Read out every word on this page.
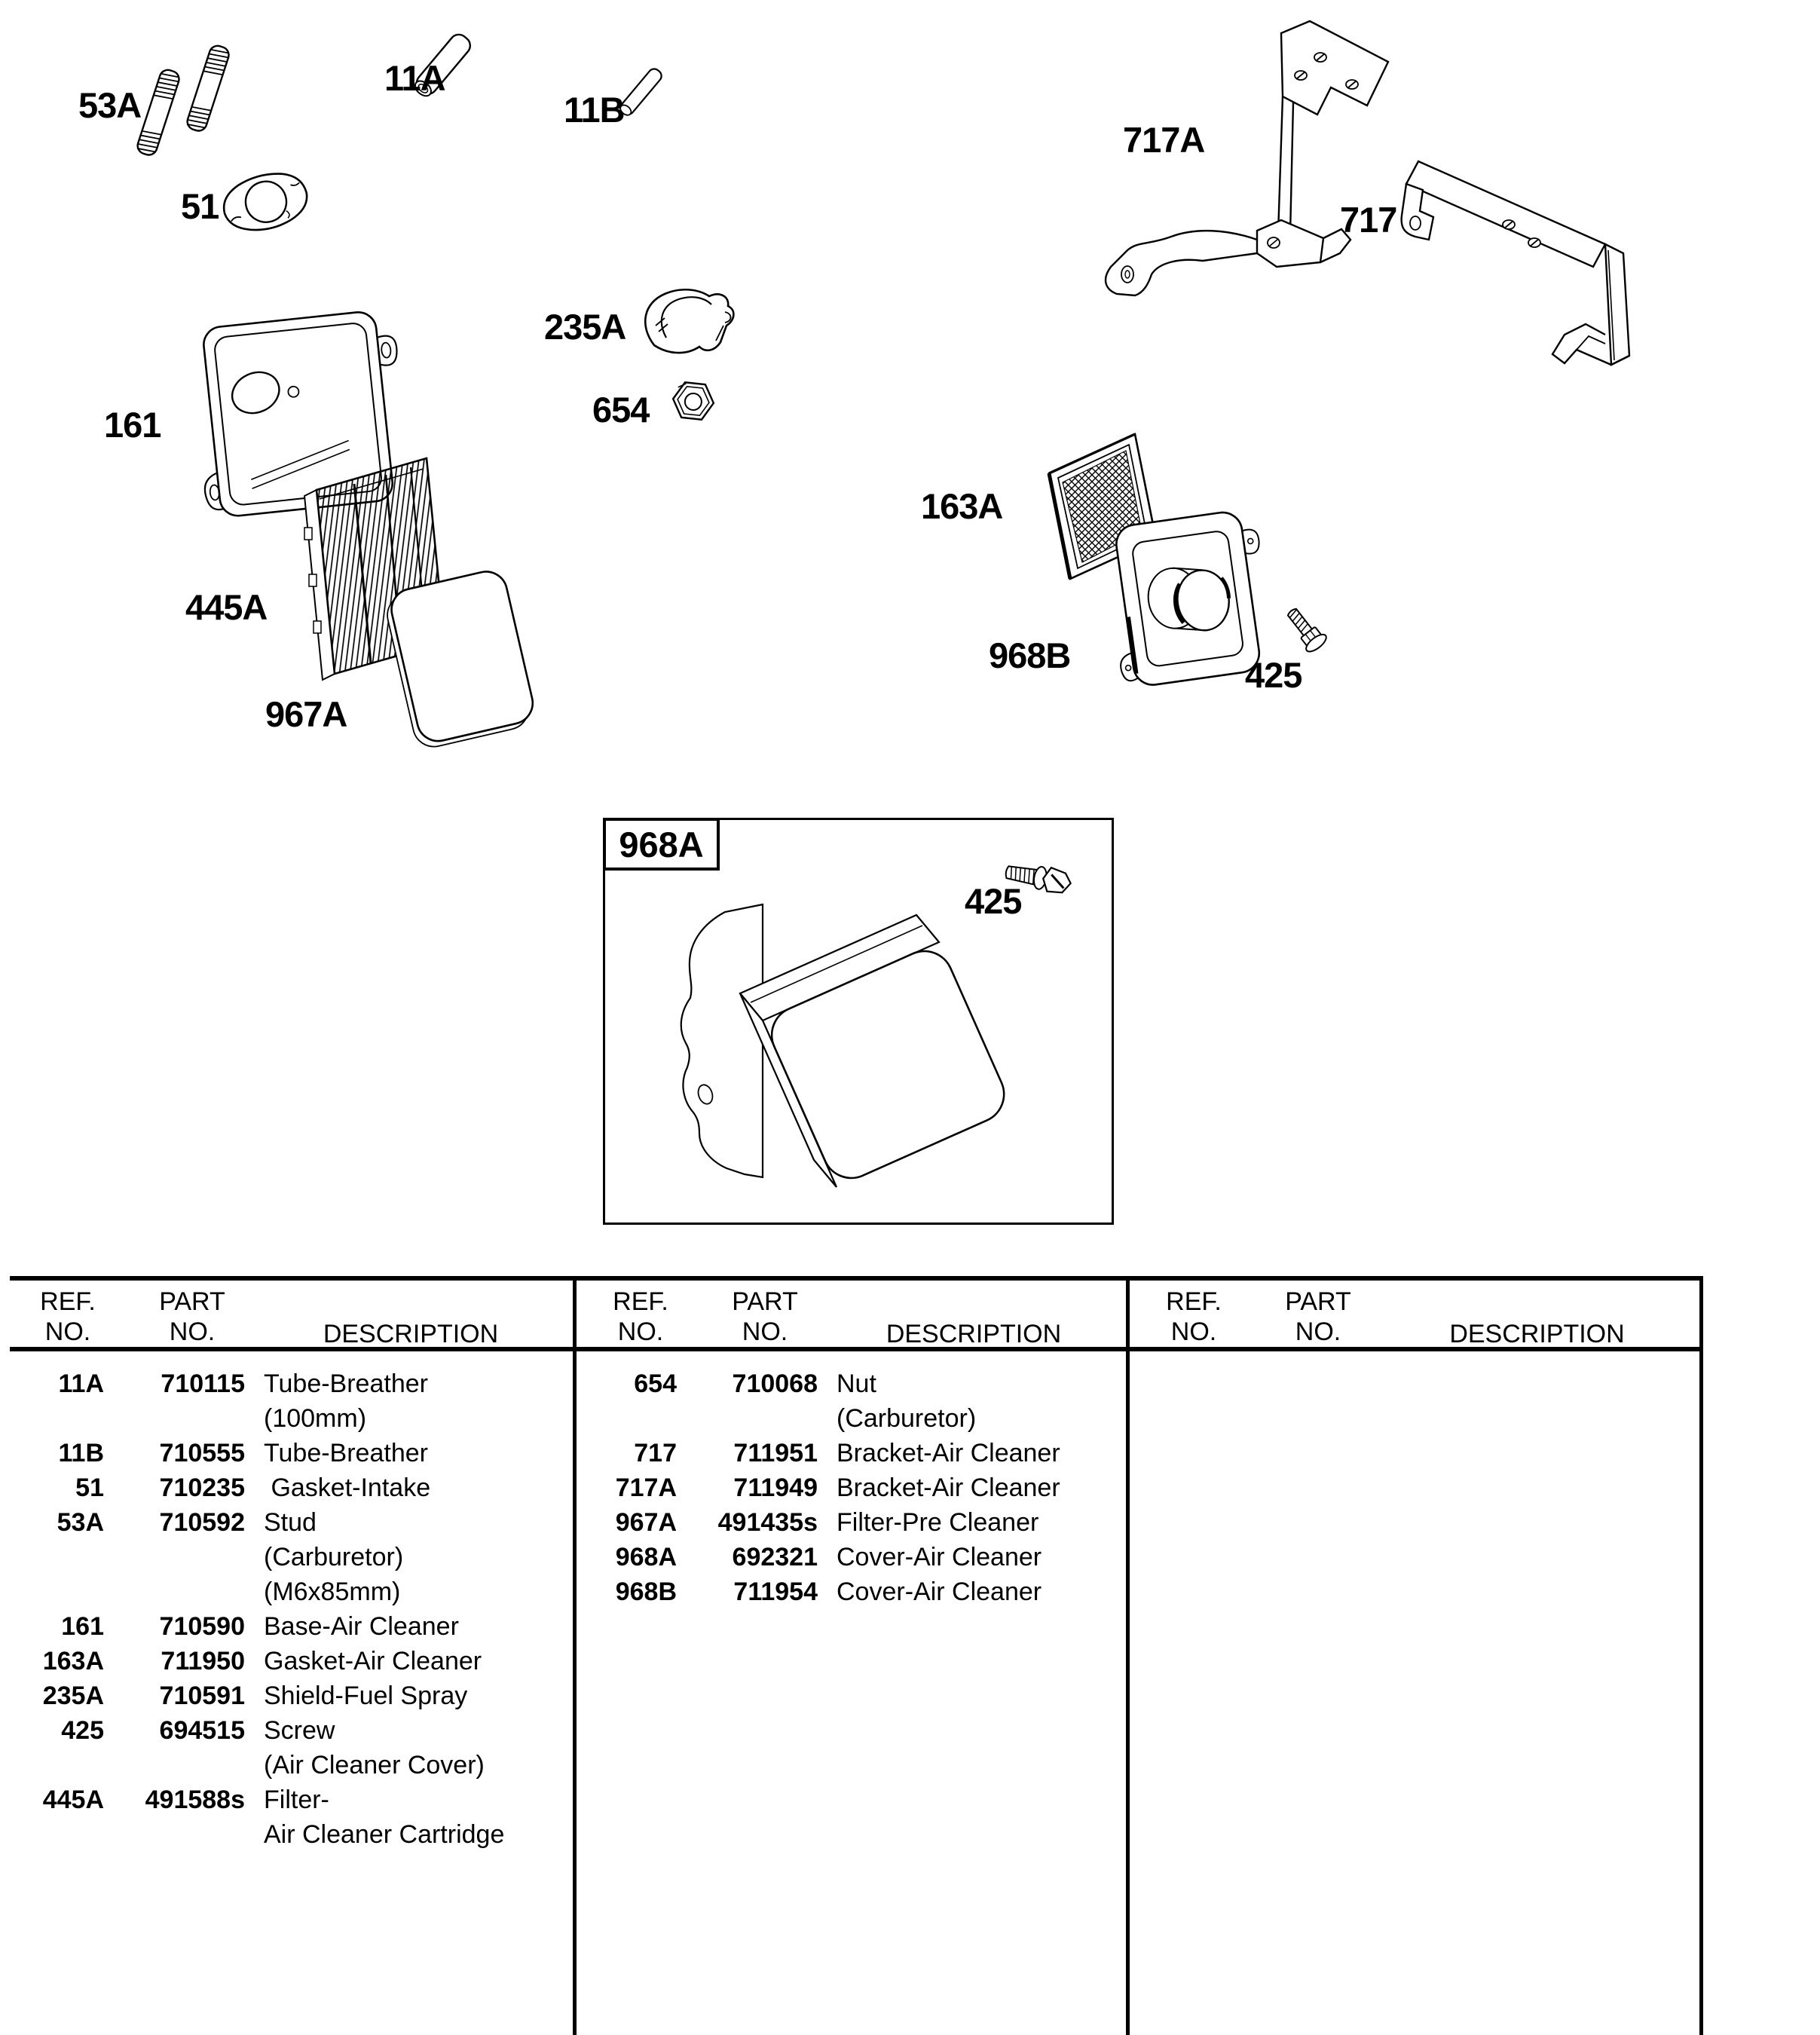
53A
11A
11B
51
717A
717
161
235A
654
445A
967A
163A
968B	425
425
968A
REF.
NO.
PART
NO.	DESCRIPTION
11A	710115 Tube-Breather
(100mm)
11B	710555 Tube-Breather
51	710235 Gasket-Intake
53A	710592 Stud
(Carburetor)
(M6x85mm)
161	710590 Base-Air Cleaner
163A	711950 Gasket-Air Cleaner
235A	710591 Shield-Fuel Spray
425	694515 Screw
(Air Cleaner Cover)
445A	491588s Filter-
Air Cleaner Cartridge
REF.
NO.
PART
NO.	DESCRIPTION
654	710068 Nut
(Carburetor)
717	711951 Bracket-Air Cleaner
717A	711949 Bracket-Air Cleaner
967A	491435s Filter-Pre Cleaner
968A	692321 Cover-Air Cleaner
968B	711954 Cover-Air Cleaner
REF.
NO.
PART
NO.	DESCRIPTION
